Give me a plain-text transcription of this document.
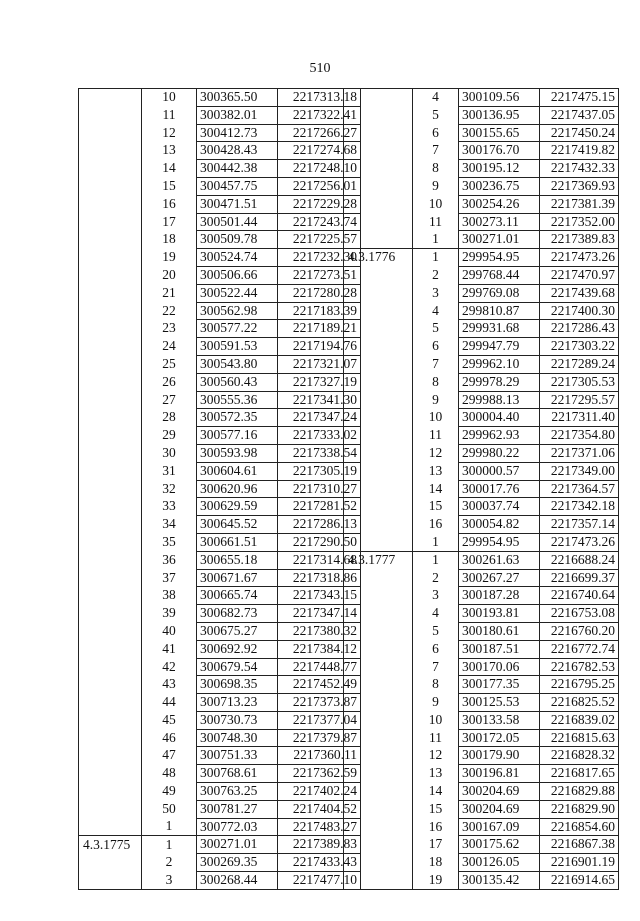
510
	10	300365.50	2217313.18
	11	300382.01	2217322.41
	12	300412.73	2217266.27
	13	300428.43	2217274.68
	14	300442.38	2217248.10
	15	300457.75	2217256.01
	16	300471.51	2217229.28
	17	300501.44	2217243.74
	18	300509.78	2217225.57
	19	300524.74	2217232.30
	20	300506.66	2217273.51
	21	300522.44	2217280.28
	22	300562.98	2217183.39
	23	300577.22	2217189.21
	24	300591.53	2217194.76
	25	300543.80	2217321.07
	26	300560.43	2217327.19
	27	300555.36	2217341.30
	28	300572.35	2217347.24
	29	300577.16	2217333.02
	30	300593.98	2217338.54
	31	300604.61	2217305.19
	32	300620.96	2217310.27
	33	300629.59	2217281.52
	34	300645.52	2217286.13
	35	300661.51	2217290.50
	36	300655.18	2217314.68
	37	300671.67	2217318.86
	38	300665.74	2217343.15
	39	300682.73	2217347.14
	40	300675.27	2217380.32
	41	300692.92	2217384.12
	42	300679.54	2217448.77
	43	300698.35	2217452.49
	44	300713.23	2217373.87
	45	300730.73	2217377.04
	46	300748.30	2217379.87
	47	300751.33	2217360.11
	48	300768.61	2217362.59
	49	300763.25	2217402.24
	50	300781.27	2217404.52
	1	300772.03	2217483.27
4.3.1775	1	300271.01	2217389.83
	2	300269.35	2217433.43
	3	300268.44	2217477.10
	4	300109.56	2217475.15
	5	300136.95	2217437.05
	6	300155.65	2217450.24
	7	300176.70	2217419.82
	8	300195.12	2217432.33
	9	300236.75	2217369.93
	10	300254.26	2217381.39
	11	300273.11	2217352.00
	1	300271.01	2217389.83
4.3.1776	1	299954.95	2217473.26
	2	299768.44	2217470.97
	3	299769.08	2217439.68
	4	299810.87	2217400.30
	5	299931.68	2217286.43
	6	299947.79	2217303.22
	7	299962.10	2217289.24
	8	299978.29	2217305.53
	9	299988.13	2217295.57
	10	300004.40	2217311.40
	11	299962.93	2217354.80
	12	299980.22	2217371.06
	13	300000.57	2217349.00
	14	300017.76	2217364.57
	15	300037.74	2217342.18
	16	300054.82	2217357.14
	1	299954.95	2217473.26
4.3.1777	1	300261.63	2216688.24
	2	300267.27	2216699.37
	3	300187.28	2216740.64
	4	300193.81	2216753.08
	5	300180.61	2216760.20
	6	300187.51	2216772.74
	7	300170.06	2216782.53
	8	300177.35	2216795.25
	9	300125.53	2216825.52
	10	300133.58	2216839.02
	11	300172.05	2216815.63
	12	300179.90	2216828.32
	13	300196.81	2216817.65
	14	300204.69	2216829.88
	15	300204.69	2216829.90
	16	300167.09	2216854.60
	17	300175.62	2216867.38
	18	300126.05	2216901.19
	19	300135.42	2216914.65
